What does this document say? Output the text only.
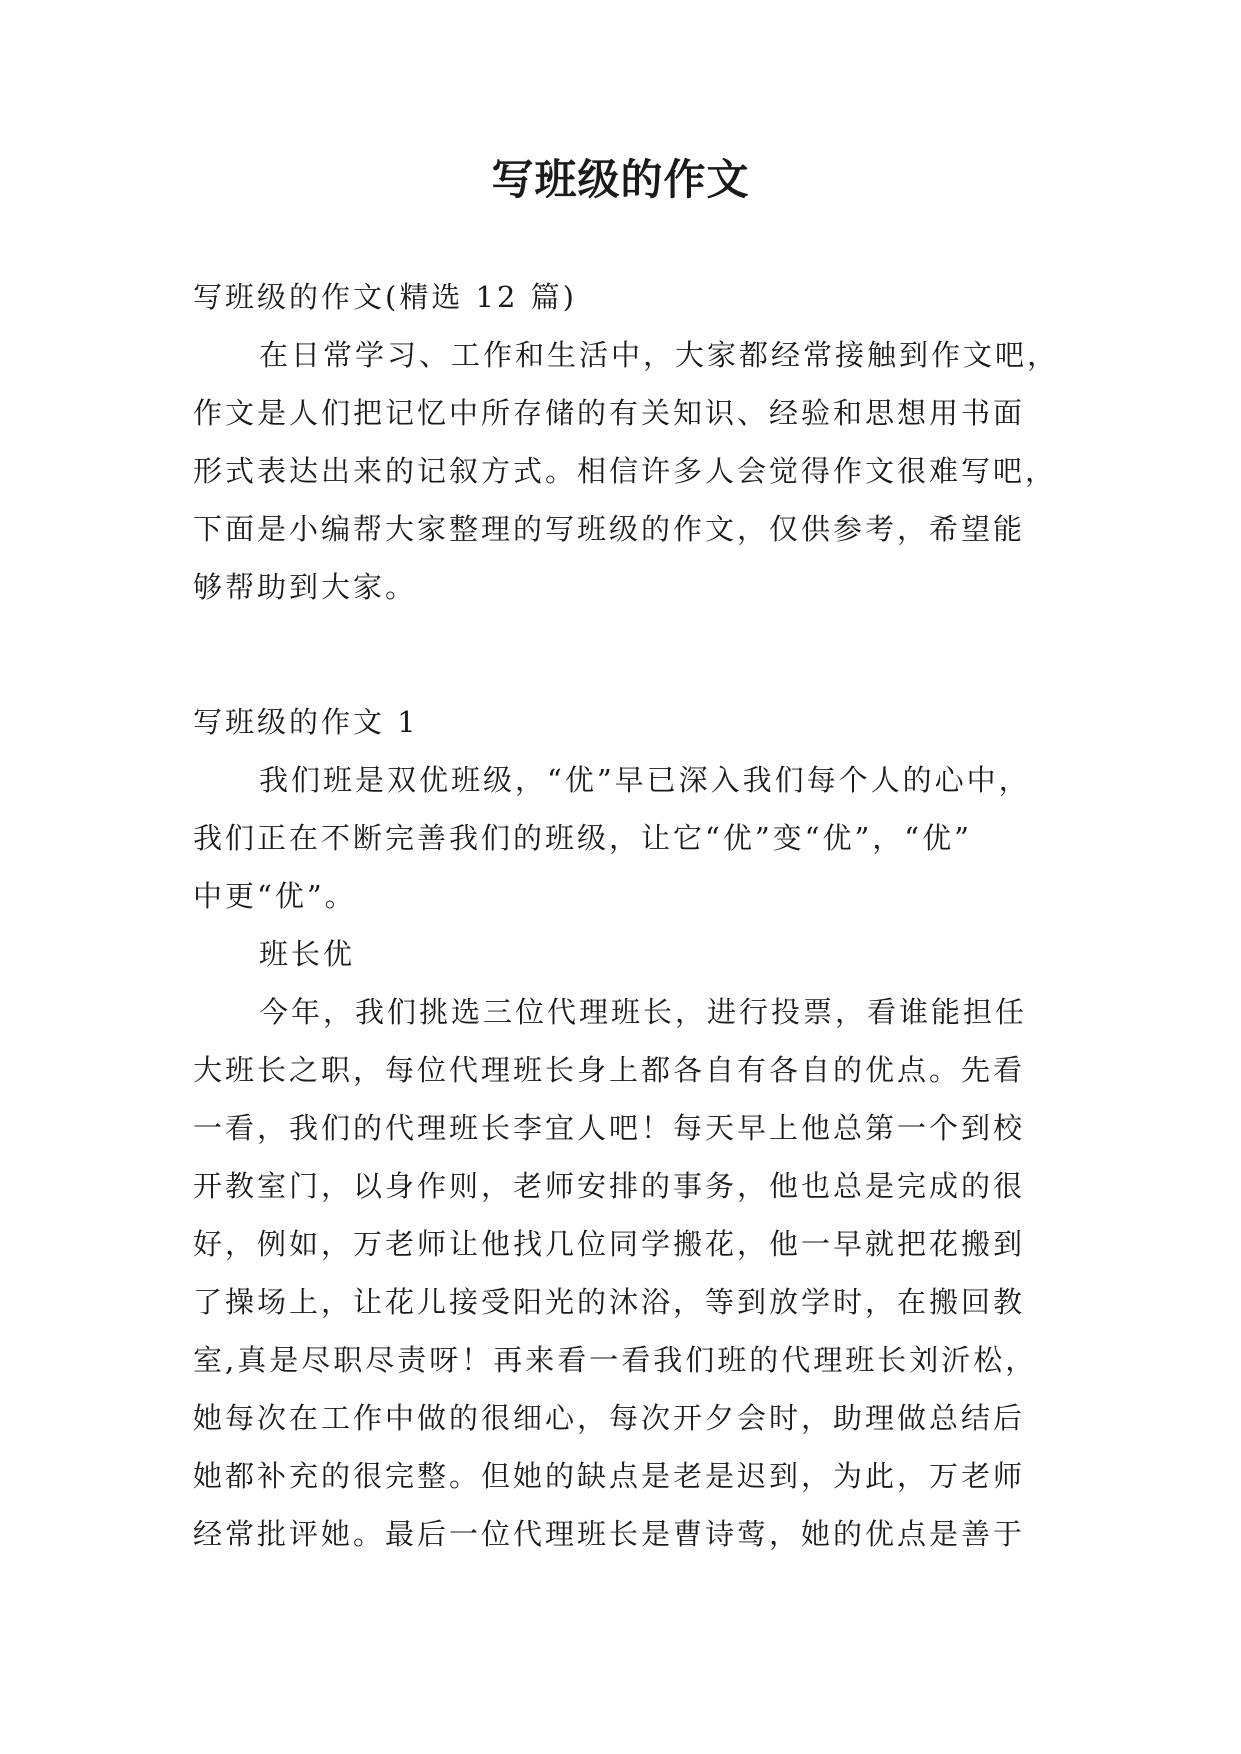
写班级的作文
写班级的作文(精选 12 篇)
在日常学习、工作和生活中，大家都经常接触到作文吧，
作文是人们把记忆中所存储的有关知识、经验和思想用书面
形式表达出来的记叙方式。相信许多人会觉得作文很难写吧，
下面是小编帮大家整理的写班级的作文，仅供参考，希望能
够帮助到大家。
写班级的作文 1
我们班是双优班级，“优”早已深入我们每个人的心中，
我们正在不断完善我们的班级，让它“优”变“优”，“优”
中更“优”。
班长优
今年，我们挑选三位代理班长，进行投票，看谁能担任
大班长之职，每位代理班长身上都各自有各自的优点。先看
一看，我们的代理班长李宜人吧！每天早上他总第一个到校
开教室门，以身作则，老师安排的事务，他也总是完成的很
好，例如，万老师让他找几位同学搬花，他一早就把花搬到
了操场上，让花儿接受阳光的沐浴，等到放学时，在搬回教
室,真是尽职尽责呀！再来看一看我们班的代理班长刘沂松，
她每次在工作中做的很细心，每次开夕会时，助理做总结后
她都补充的很完整。但她的缺点是老是迟到，为此，万老师
经常批评她。最后一位代理班长是曹诗莺，她的优点是善于
